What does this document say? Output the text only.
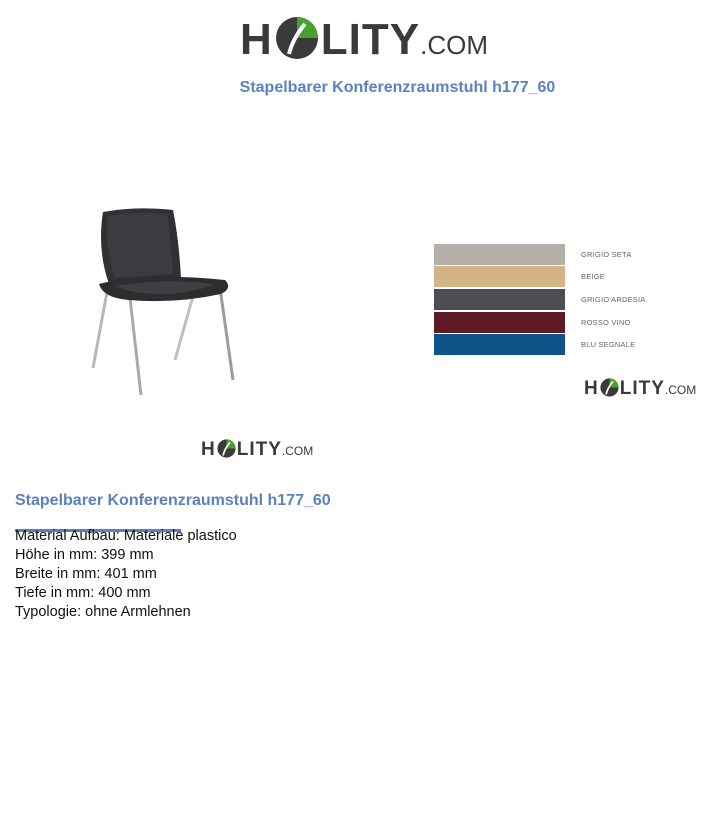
H LITY .COM
Stapelbarer Konferenzraumstuhl h177_60
H LITY .COM
GRIGIO SETA
BEIGE
GRIGIO ARDESIA
ROSSO VINO
BLU SEGNALE
H LITY .COM
Stapelbarer Konferenzraumstuhl h177_60
Material Aufbau: Materiale plastico
Höhe in mm: 399 mm
Breite in mm: 401 mm
Tiefe in mm: 400 mm
Typologie: ohne Armlehnen
